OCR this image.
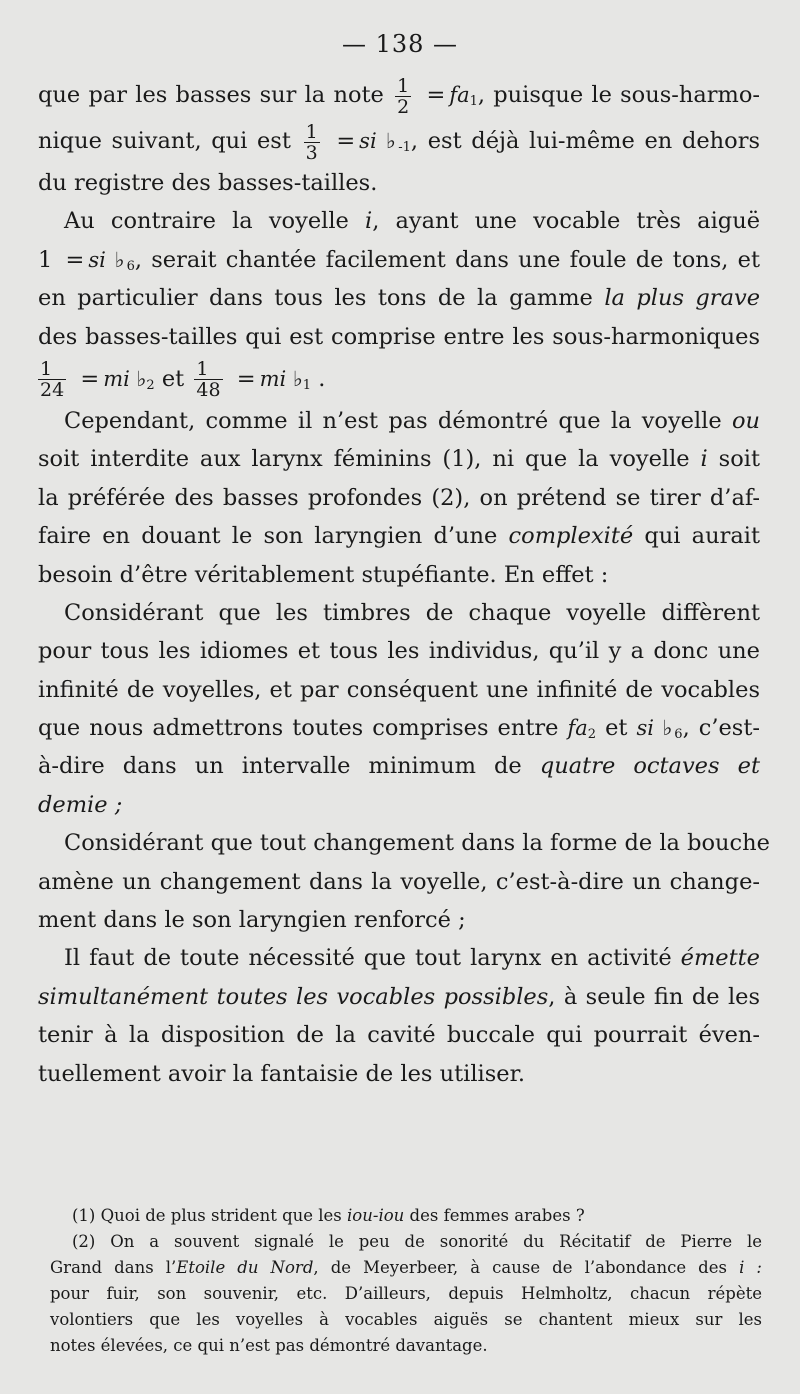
— 138 —
que par les basses sur la note $\frac{1}{2} = fa_1$, puisque le sous-harmo-
nique suivant, qui est $\frac{1}{3}$ = si $♭_{-1}$, est déjà lui-même en dehors
du registre des basses-tailles.
Au contraire la voyelle i, ayant une vocable très aiguë
1 = si $♭_6$, serait chantée facilement dans une foule de tons, et
en particulier dans tous les tons de la gamme la plus grave
des basses-tailles qui est comprise entre les sous-harmoniques
$\frac{1}{24}$ = mi $♭_2$ et $\frac{1}{48}$ = mi $♭_1$ .
Cependant, comme il n’est pas démontré que la voyelle ou
soit interdite aux larynx féminins (1), ni que la voyelle i soit
la préférée des basses profondes (2), on prétend se tirer d’af-
faire en douant le son laryngien d’une complexité qui aurait
besoin d’être véritablement stupéfiante. En effet :
Considérant que les timbres de chaque voyelle diffèrent
pour tous les idiomes et tous les individus, qu’il y a donc une
infinité de voyelles, et par conséquent une infinité de vocables
que nous admettrons toutes comprises entre $fa_2$ et si $♭_6$, c’est-
à-dire dans un intervalle minimum de quatre octaves et
demie ;
Considérant que tout changement dans la forme de la bouche
amène un changement dans la voyelle, c’est-à-dire un change-
ment dans le son laryngien renforcé ;
Il faut de toute nécessité que tout larynx en activité émette
simultanément toutes les vocables possibles, à seule fin de les
tenir à la disposition de la cavité buccale qui pourrait éven-
tuellement avoir la fantaisie de les utiliser.
(1) Quoi de plus strident que les iou-iou des femmes arabes ?
(2) On a souvent signalé le peu de sonorité du Récitatif de Pierre le
Grand dans l’Etoile du Nord, de Meyerbeer, à cause de l’abondance des i :
pour fuir, son souvenir, etc. D’ailleurs, depuis Helmholtz, chacun répète
volontiers que les voyelles à vocables aiguës se chantent mieux sur les
notes élevées, ce qui n’est pas démontré davantage.
